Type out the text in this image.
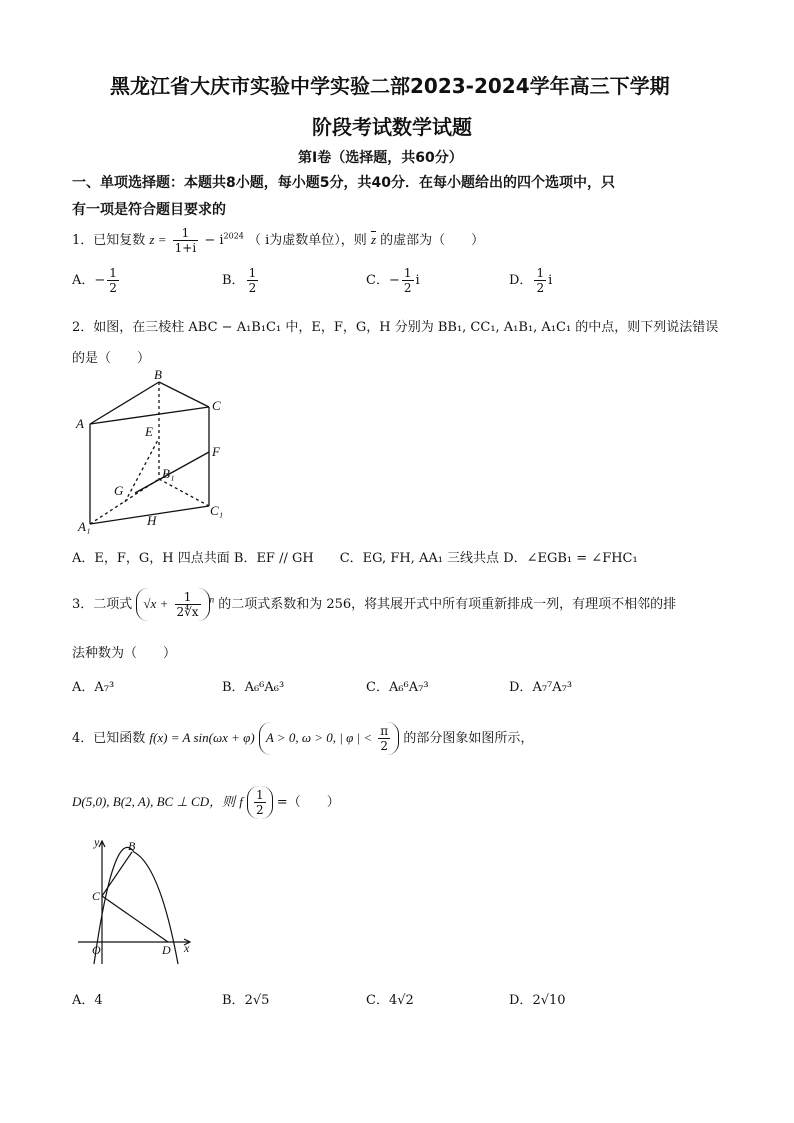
黑龙江省大庆市实验中学实验二部2023-2024学年高三下学期
阶段考试数学试题
第Ⅰ卷（选择题，共60分）
一、单项选择题：本题共8小题，每小题5分，共40分．在每小题给出的四个选项中，只
有一项是符合题目要求的
1．已知复数 $z = \frac{1}{1+i} - i^{2024}$ （ i为虚数单位），则 $\overline{z}$ 的虚部为（　　）
A．− $\frac{1}{2}$	B． $\frac{1}{2}$	C．− $\frac{1}{2}$ i	D． $\frac{1}{2}$ i
2．如图，在三棱柱 ABC − A₁B₁C₁ 中，E，F，G，H 分别为 BB₁, CC₁, A₁B₁, A₁C₁ 的中点，则下列说法错误
的是（　　）
B
C
A
E
F
B₁
G
C₁
H
A₁
A．E，F，G，H 四点共面 B．EF // GH　　C．EG, FH, AA₁ 三线共点 D．∠EGB₁ = ∠FHC₁
3．二项式 $√x + \frac{1}{2∜x} ^n$ 的二项式系数和为 256，将其展开式中所有项重新排成一列，有理项不相邻的排
法种数为（　　）
A．A₇³	B．A₆⁶A₆³	C．A₆⁶A₇³	D．A₇⁷A₇³
4．已知函数 f(x) = A sin(ωx + φ) A > 0, ω > 0, | φ | < $\frac{\pi}{2}$ 的部分图象如图所示，
D(5,0), B(2, A), BC ⊥ CD，则 f $\frac{1}{2}$ =（　　）
y
x
B
C
O	D
A．4	B．2√5	C．4√2	D．2√10
